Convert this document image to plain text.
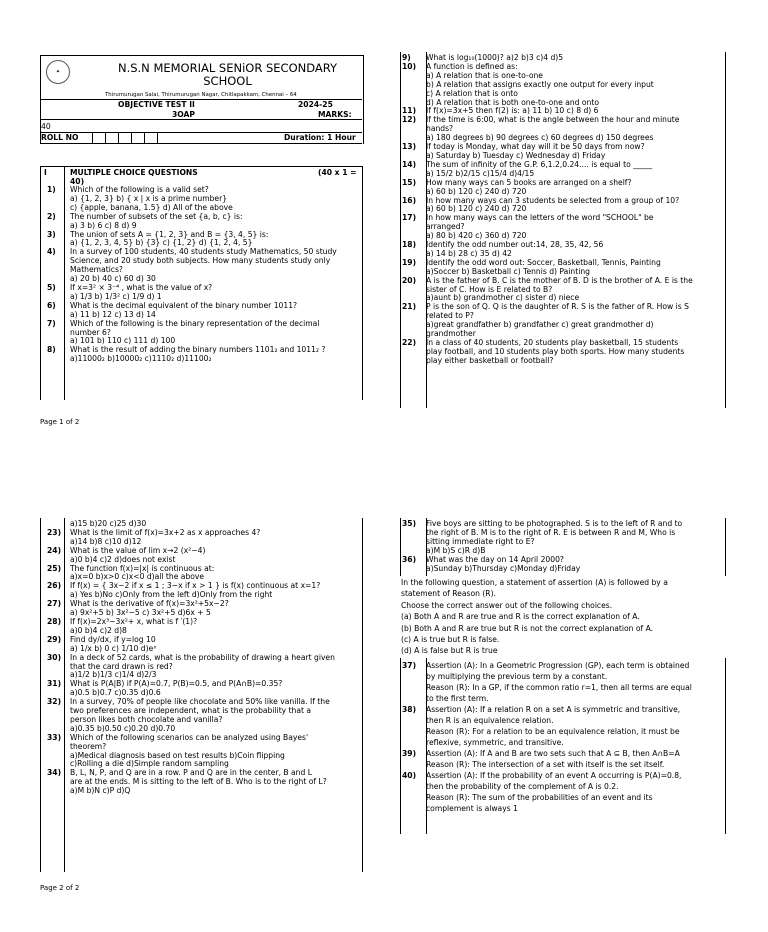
✦	N.S.N MEMORIAL SENiOR SECONDARY SCHOOL
Thirumurugan Salai, Thirumurugan Nagar, Chitlapakkam, Chennai – 64
OBJECTIVE TEST II	2024-25
3OAP	MARKS:
40
ROLL NO	Duration: 1 Hour
I	MULTIPLE CHOICE QUESTIONS	(40 x 1 =
40)
1)	Which of the following is a valid set?
a) {1, 2, 3} b) { x | x is a prime number}
c) {apple, banana, 1.5} d) All of the above
2)	The number of subsets of the set {a, b, c} is:
a) 3 b) 6 c) 8 d) 9
3)	The union of sets A = {1, 2, 3} and B = {3, 4, 5} is:
a) {1, 2, 3, 4, 5} b) {3} c) {1, 2} d) {1, 2, 4, 5}
4)	In a survey of 100 students, 40 students study Mathematics, 50 study
Science, and 20 study both subjects. How many students study only
Mathematics?
a) 20 b) 40 c) 60 d) 30
5)	If x=3² × 3⁻⁴ , what is the value of x?
a) 1/3 b) 1/3² c) 1/9 d) 1
6)	What is the decimal equivalent of the binary number 1011?
a) 11 b) 12 c) 13 d) 14
7)	Which of the following is the binary representation of the decimal
number 6?
a) 101 b) 110 c) 111 d) 100
8)	What is the result of adding the binary numbers 1101₂ and 1011₂ ?
a)11000₂ b)10000₂ c)1110₂ d)11100₂
Page 1 of 2
9)	What is log₁₀(1000)? a)2 b)3 c)4 d)5
10)	A function is defined as:
a) A relation that is one-to-one
b) A relation that assigns exactly one output for every input
c) A relation that is onto
d) A relation that is both one-to-one and onto
11)	If f(x)=3x+5 then f(2) is: a) 11 b) 10 c) 8 d) 6
12)	If the time is 6:00, what is the angle between the hour and minute
hands?
a) 180 degrees b) 90 degrees c) 60 degrees d) 150 degrees
13)	If today is Monday, what day will it be 50 days from now?
a) Saturday b) Tuesday c) Wednesday d) Friday
14)	The sum of infinity of the G.P. 6,1.2,0.24.... is equal to _____
a) 15/2 b)2/15 c)15/4 d)4/15
15)	How many ways can 5 books are arranged on a shelf?
a) 60 b) 120 c) 240 d) 720
16)	In how many ways can 3 students be selected from a group of 10?
a) 60 b) 120 c) 240 d) 720
17)	In how many ways can the letters of the word "SCHOOL" be
arranged?
a) 80 b) 420 c) 360 d) 720
18)	Identify the odd number out:14, 28, 35, 42, 56
a) 14 b) 28 c) 35 d) 42
19)	Identify the odd word out: Soccer, Basketball, Tennis, Painting
a)Soccer b) Basketball c) Tennis d) Painting
20)	A is the father of B. C is the mother of B. D is the brother of A. E is the
sister of C. How is E related to B?
a)aunt b) grandmother c) sister d) niece
21)	P is the son of Q. Q is the daughter of R. S is the father of R. How is S
related to P?
a)great grandfather b) grandfather c) great grandmother d)
grandmother
22)	In a class of 40 students, 20 students play basketball, 15 students
play football, and 10 students play both sports. How many students
play either basketball or football?
a)15 b)20 c)25 d)30
23)	What is the limit of f(x)=3x+2 as x approaches 4?
a)14 b)8 c)10 d)12
24)	What is the value of lim x→2 (x²−4)
a)0 b)4 c)2 d)does not exist
25)	The function f(x)=|x| is continuous at:
a)x=0 b)x>0 c)x<0 d)all the above
26)	If f(x) = { 3x−2 if x ≤ 1 ; 3−x if x > 1 } is f(x) continuous at x=1?
a) Yes b)No c)Only from the left d)Only from the right
27)	What is the derivative of f(x)=3x²+5x−2?
a) 9x²+5 b) 3x²−5 c) 3x²+5 d)6x + 5
28)	If f(x)=2x³−3x²+ x, what is f ′(1)?
a)0 b)4 c)2 d)8
29)	Find dy/dx, if y=log 10
a) 1/x b) 0 c) 1/10 d)eˣ
30)	In a deck of 52 cards, what is the probability of drawing a heart given
that the card drawn is red?
a)1/2 b)1/3 c)1/4 d)2/3
31)	What is P(A|B) if P(A)=0.7, P(B)=0.5, and P(A∩B)=0.35?
a)0.5 b)0.7 c)0.35 d)0.6
32)	In a survey, 70% of people like chocolate and 50% like vanilla. If the
two preferences are independent, what is the probability that a
person likes both chocolate and vanilla?
a)0.35 b)0.50 c)0.20 d)0.70
33)	Which of the following scenarios can be analyzed using Bayes'
theorem?
a)Medical diagnosis based on test results b)Coin flipping
c)Rolling a die d)Simple random sampling
34)	B, L, N, P, and Q are in a row. P and Q are in the center, B and L
are at the ends. M is sitting to the left of B. Who is to the right of L?
a)M b)N c)P d)Q
Page 2 of 2
35)	Five boys are sitting to be photographed. S is to the left of R and to
the right of B. M is to the right of R. E is between R and M, Who is
sitting immediate right to E?
a)M b)S c)R d)B
36)	What was the day on 14 April 2000?
a)Sunday b)Thursday c)Monday d)Friday
In the following question, a statement of assertion (A) is followed by a
statement of Reason (R).
Choose the correct answer out of the following choices.
(a) Both A and R are true and R is the correct explanation of A.
(b) Both A and R are true but R is not the correct explanation of A.
(c) A is true but R is false.
(d) A is false but R is true
37)	Assertion (A): In a Geometric Progression (GP), each term is obtained
by multiplying the previous term by a constant.
Reason (R): In a GP, if the common ratio r=1, then all terms are equal
to the first term.
38)	Assertion (A): If a relation R on a set A is symmetric and transitive,
then R is an equivalence relation.
Reason (R): For a relation to be an equivalence relation, it must be
reflexive, symmetric, and transitive.
39)	Assertion (A): If A and B are two sets such that A ⊆ B, then A∩B=A
Reason (R): The intersection of a set with itself is the set itself.
40)	Assertion (A): If the probability of an event A occurring is P(A)=0.8,
then the probability of the complement of A is 0.2.
Reason (R): The sum of the probabilities of an event and its
complement is always 1
